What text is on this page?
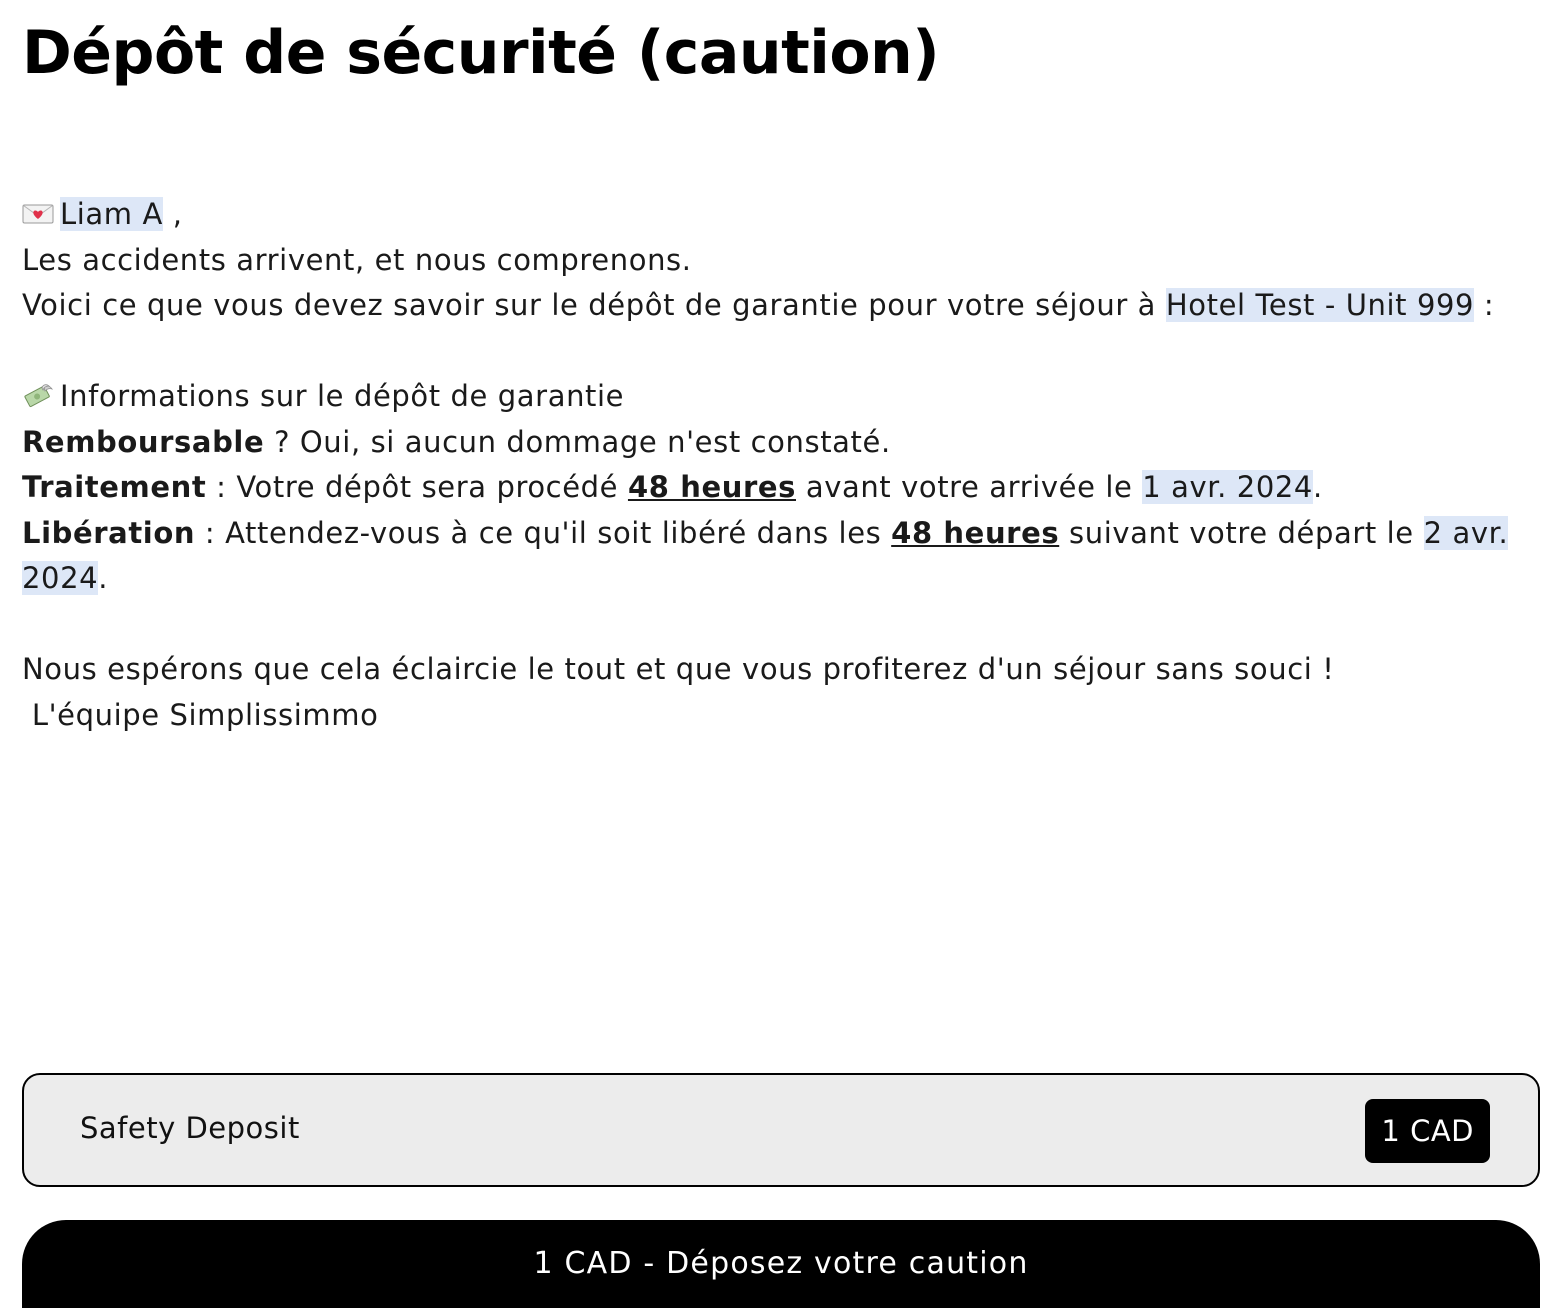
Dépôt de sécurité (caution)

Liam A ,

Les accidents arrivent, et nous comprenons.

Voici ce que vous devez savoir sur le dépôt de garantie pour votre séjour à Hotel Test - Unit 999 :

Informations sur le dépôt de garantie

Remboursable ? Oui, si aucun dommage n'est constaté.

Traitement : Votre dépôt sera procédé 48 heures avant votre arrivée le 1 avr. 2024.

Libération : Attendez-vous à ce qu'il soit libéré dans les 48 heures suivant votre départ le 2 avr. 2024.

Nous espérons que cela éclaircie le tout et que vous profiterez d'un séjour sans souci !

L'équipe Simplissimmo

Safety Deposit	1 CAD
1 CAD - Déposez votre caution
